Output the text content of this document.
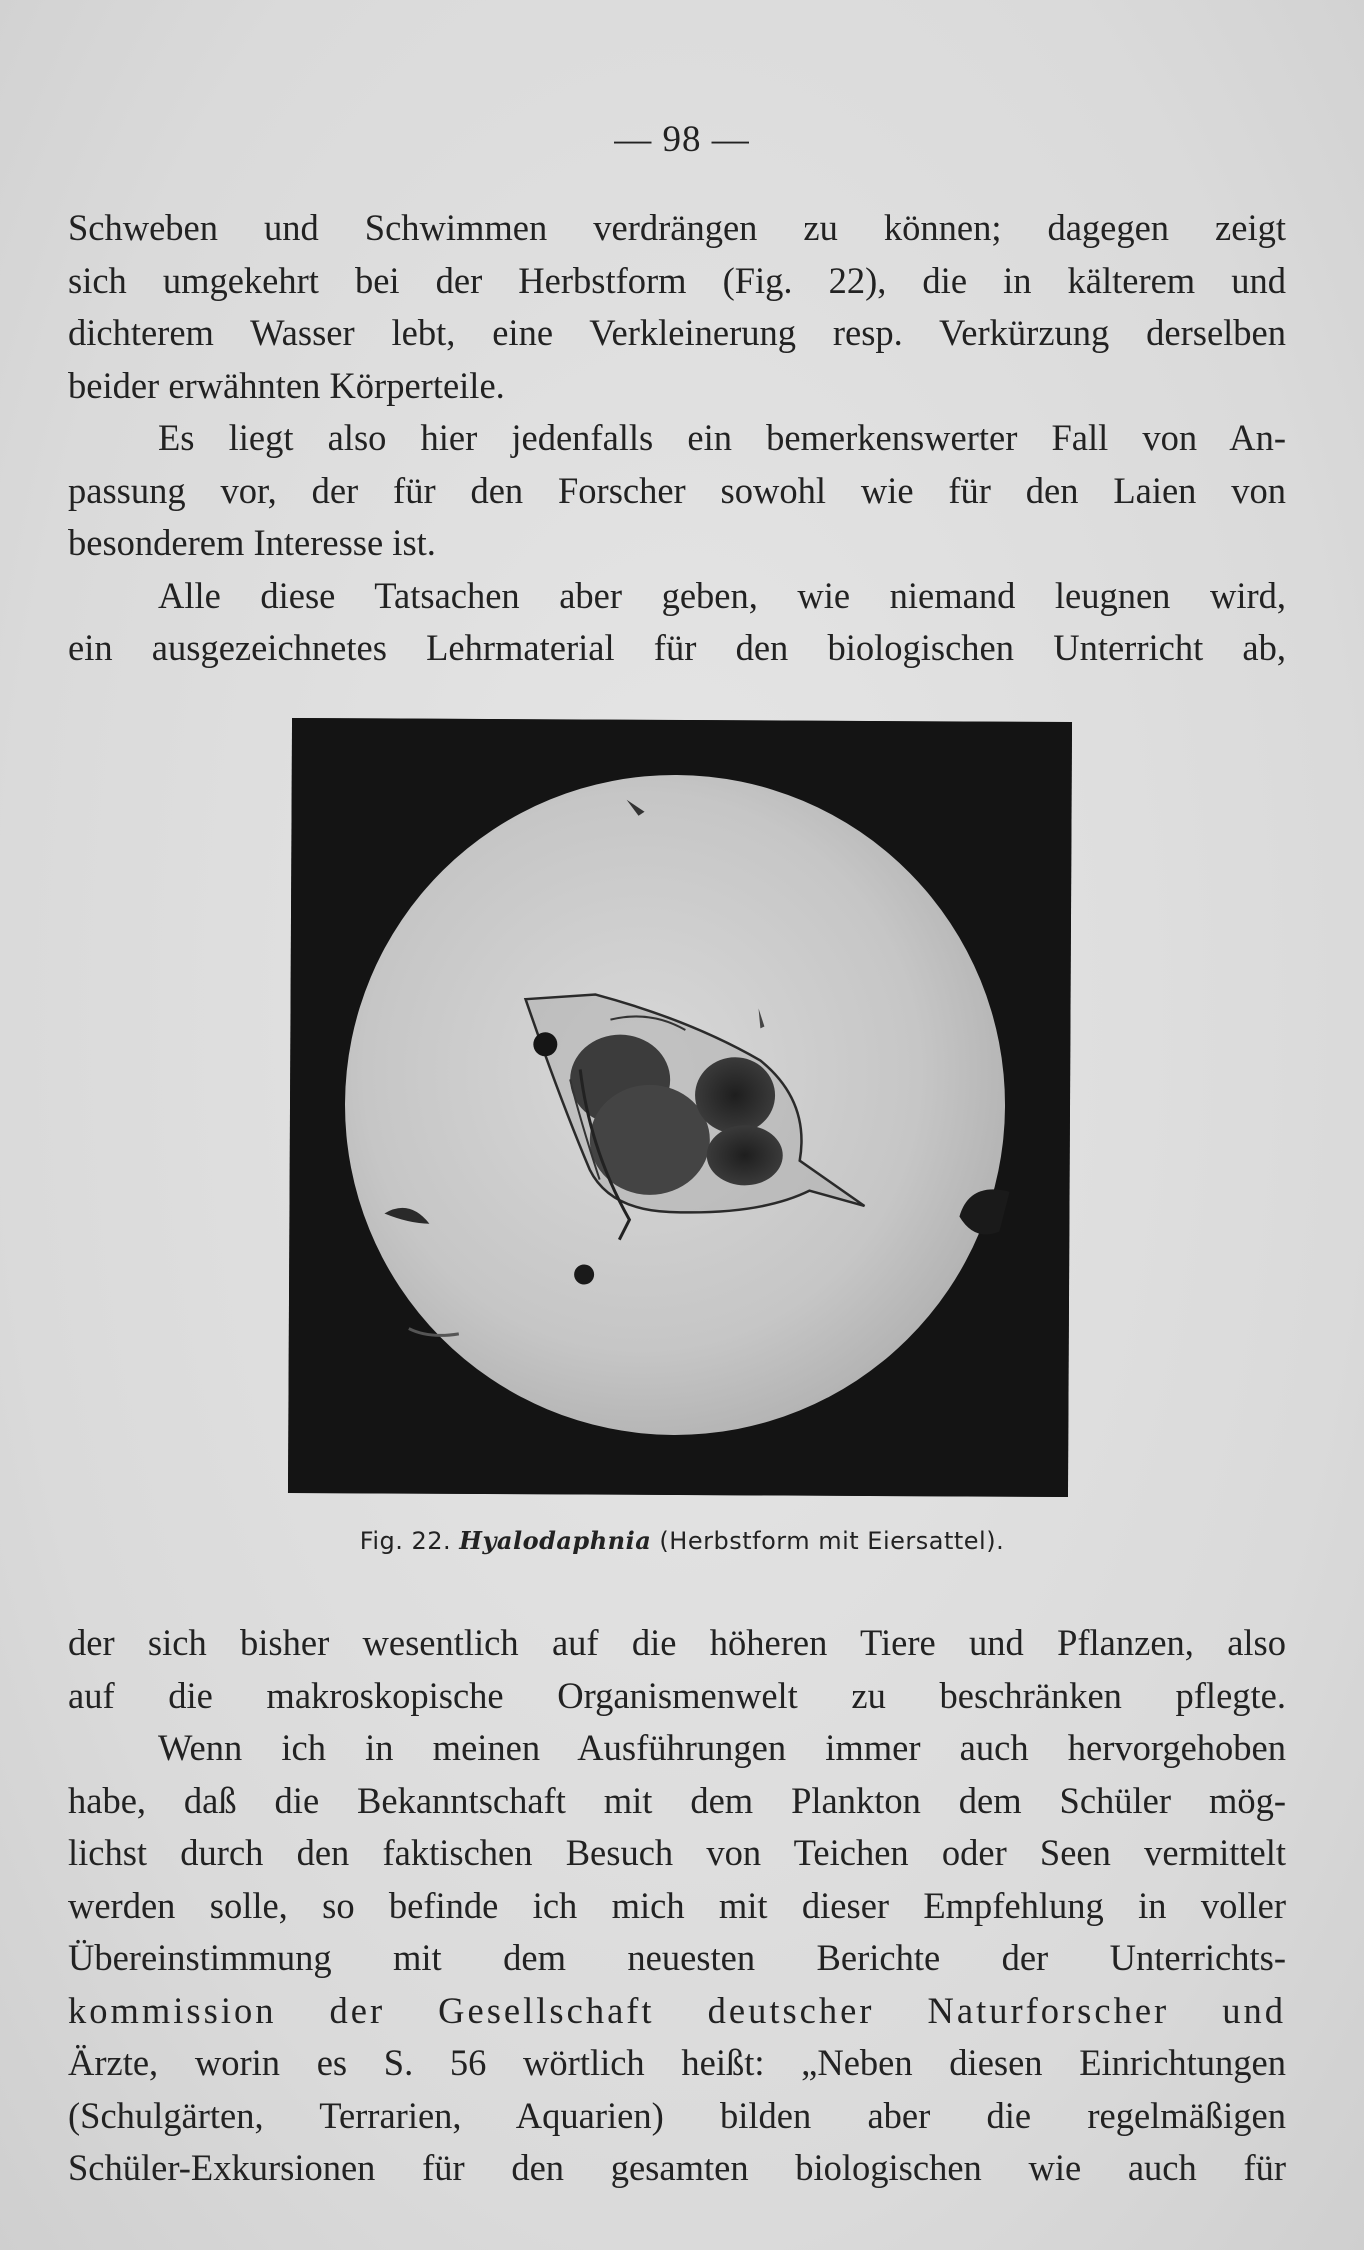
— 98 —
Schweben und Schwimmen verdrängen zu können; dagegen zeigt
sich umgekehrt bei der Herbstform (Fig. 22), die in kälterem und
dichterem Wasser lebt, eine Verkleinerung resp. Verkürzung derselben
beider erwähnten Körperteile.
Es liegt also hier jedenfalls ein bemerkenswerter Fall von An-
passung vor, der für den Forscher sowohl wie für den Laien von
besonderem Interesse ist.
Alle diese Tatsachen aber geben, wie niemand leugnen wird,
ein ausgezeichnetes Lehrmaterial für den biologischen Unterricht ab,
Fig. 22. Hyalodaphnia (Herbstform mit Eiersattel).
der sich bisher wesentlich auf die höheren Tiere und Pflanzen, also
auf die makroskopische Organismenwelt zu beschränken pflegte.
Wenn ich in meinen Ausführungen immer auch hervorgehoben
habe, daß die Bekanntschaft mit dem Plankton dem Schüler mög-
lichst durch den faktischen Besuch von Teichen oder Seen vermittelt
werden solle, so befinde ich mich mit dieser Empfehlung in voller
Übereinstimmung mit dem neuesten Berichte der Unterrichts-
kommission der Gesellschaft deutscher Naturforscher und
Ärzte, worin es S. 56 wörtlich heißt: „Neben diesen Einrichtungen
(Schulgärten, Terrarien, Aquarien) bilden aber die regelmäßigen
Schüler-Exkursionen für den gesamten biologischen wie auch für
